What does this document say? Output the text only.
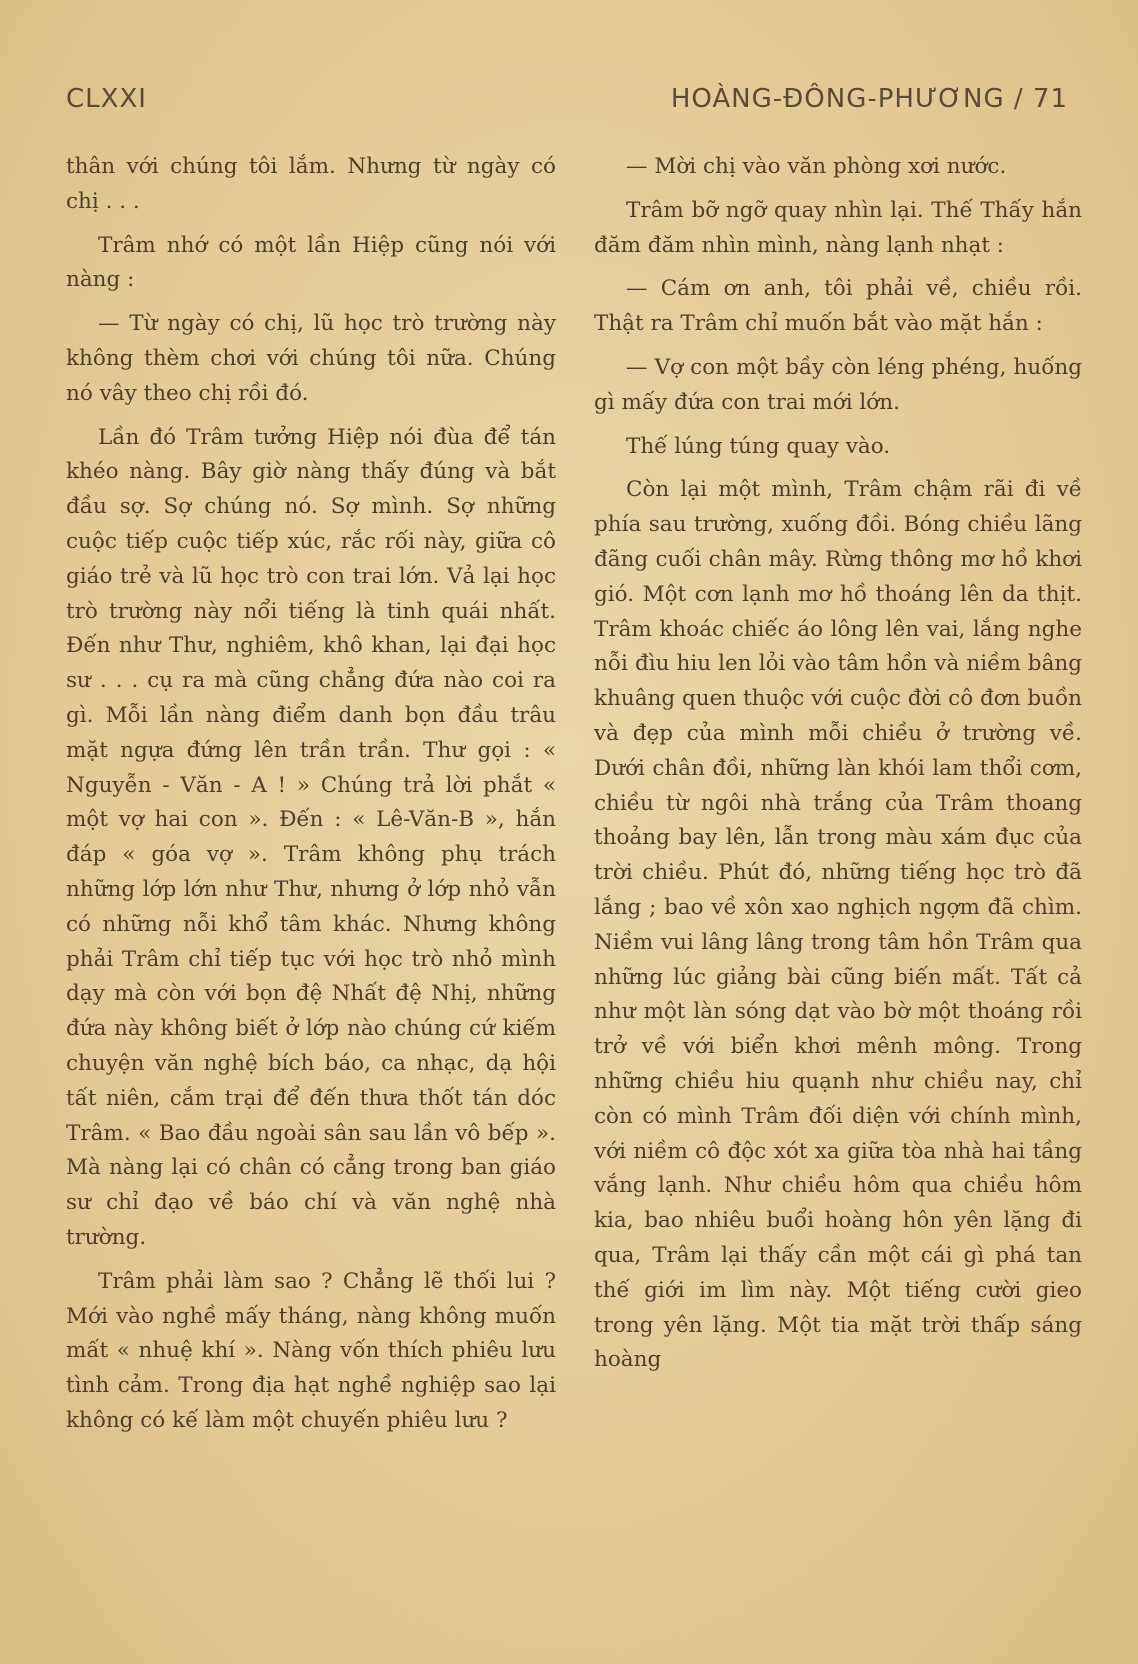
CLXXI	HOÀNG-ĐÔNG-PHƯƠNG / 71

thân với chúng tôi lắm. Nhưng từ ngày có chị . . .

Trâm nhớ có một lần Hiệp cũng nói với nàng :

— Từ ngày có chị, lũ học trò trường này không thèm chơi với chúng tôi nữa. Chúng nó vây theo chị rồi đó.

Lần đó Trâm tưởng Hiệp nói đùa để tán khéo nàng. Bây giờ nàng thấy đúng và bắt đầu sợ. Sợ chúng nó. Sợ mình. Sợ những cuộc tiếp cuộc tiếp xúc, rắc rối này, giữa cô giáo trẻ và lũ học trò con trai lớn. Vả lại học trò trường này nổi tiếng là tinh quái nhất. Đến như Thư, nghiêm, khô khan, lại đại học sư . . . cụ ra mà cũng chẳng đứa nào coi ra gì. Mỗi lần nàng điểm danh bọn đầu trâu mặt ngựa đứng lên trần trần. Thư gọi : « Nguyễn - Văn - A ! » Chúng trả lời phắt « một vợ hai con ». Đến : « Lê-Văn-B », hắn đáp « góa vợ ». Trâm không phụ trách những lớp lớn như Thư, nhưng ở lớp nhỏ vẫn có những nỗi khổ tâm khác. Nhưng không phải Trâm chỉ tiếp tục với học trò nhỏ mình dạy mà còn với bọn đệ Nhất đệ Nhị, những đứa này không biết ở lớp nào chúng cứ kiếm chuyện văn nghệ bích báo, ca nhạc, dạ hội tất niên, cắm trại để đến thưa thốt tán dóc Trâm. « Bao đầu ngoài sân sau lần vô bếp ». Mà nàng lại có chân có cẳng trong ban giáo sư chỉ đạo về báo chí và văn nghệ nhà trường.

Trâm phải làm sao ? Chẳng lẽ thối lui ? Mới vào nghề mấy tháng, nàng không muốn mất « nhuệ khí ». Nàng vốn thích phiêu lưu tình cảm. Trong địa hạt nghề nghiệp sao lại không có kế làm một chuyến phiêu lưu ?

— Mời chị vào văn phòng xơi nước.

Trâm bỡ ngỡ quay nhìn lại. Thế Thấy hắn đăm đăm nhìn mình, nàng lạnh nhạt :

— Cám ơn anh, tôi phải về, chiều rồi. Thật ra Trâm chỉ muốn bắt vào mặt hắn :

— Vợ con một bầy còn léng phéng, huống gì mấy đứa con trai mới lớn.

Thế lúng túng quay vào.

Còn lại một mình, Trâm chậm rãi đi về phía sau trường, xuống đồi. Bóng chiều lãng đãng cuối chân mây. Rừng thông mơ hồ khơi gió. Một cơn lạnh mơ hồ thoáng lên da thịt. Trâm khoác chiếc áo lông lên vai, lắng nghe nỗi đìu hiu len lỏi vào tâm hồn và niềm bâng khuâng quen thuộc với cuộc đời cô đơn buồn và đẹp của mình mỗi chiều ở trường về. Dưới chân đồi, những làn khói lam thổi cơm, chiều từ ngôi nhà trắng của Trâm thoang thoảng bay lên, lẫn trong màu xám đục của trời chiều. Phút đó, những tiếng học trò đã lắng ; bao về xôn xao nghịch ngợm đã chìm. Niềm vui lâng lâng trong tâm hồn Trâm qua những lúc giảng bài cũng biến mất. Tất cả như một làn sóng dạt vào bờ một thoáng rồi trở về với biển khơi mênh mông. Trong những chiều hiu quạnh như chiều nay, chỉ còn có mình Trâm đối diện với chính mình, với niềm cô độc xót xa giữa tòa nhà hai tầng vắng lạnh. Như chiều hôm qua chiều hôm kia, bao nhiêu buổi hoàng hôn yên lặng đi qua, Trâm lại thấy cần một cái gì phá tan thế giới im lìm này. Một tiếng cười gieo trong yên lặng. Một tia mặt trời thấp sáng hoàng
